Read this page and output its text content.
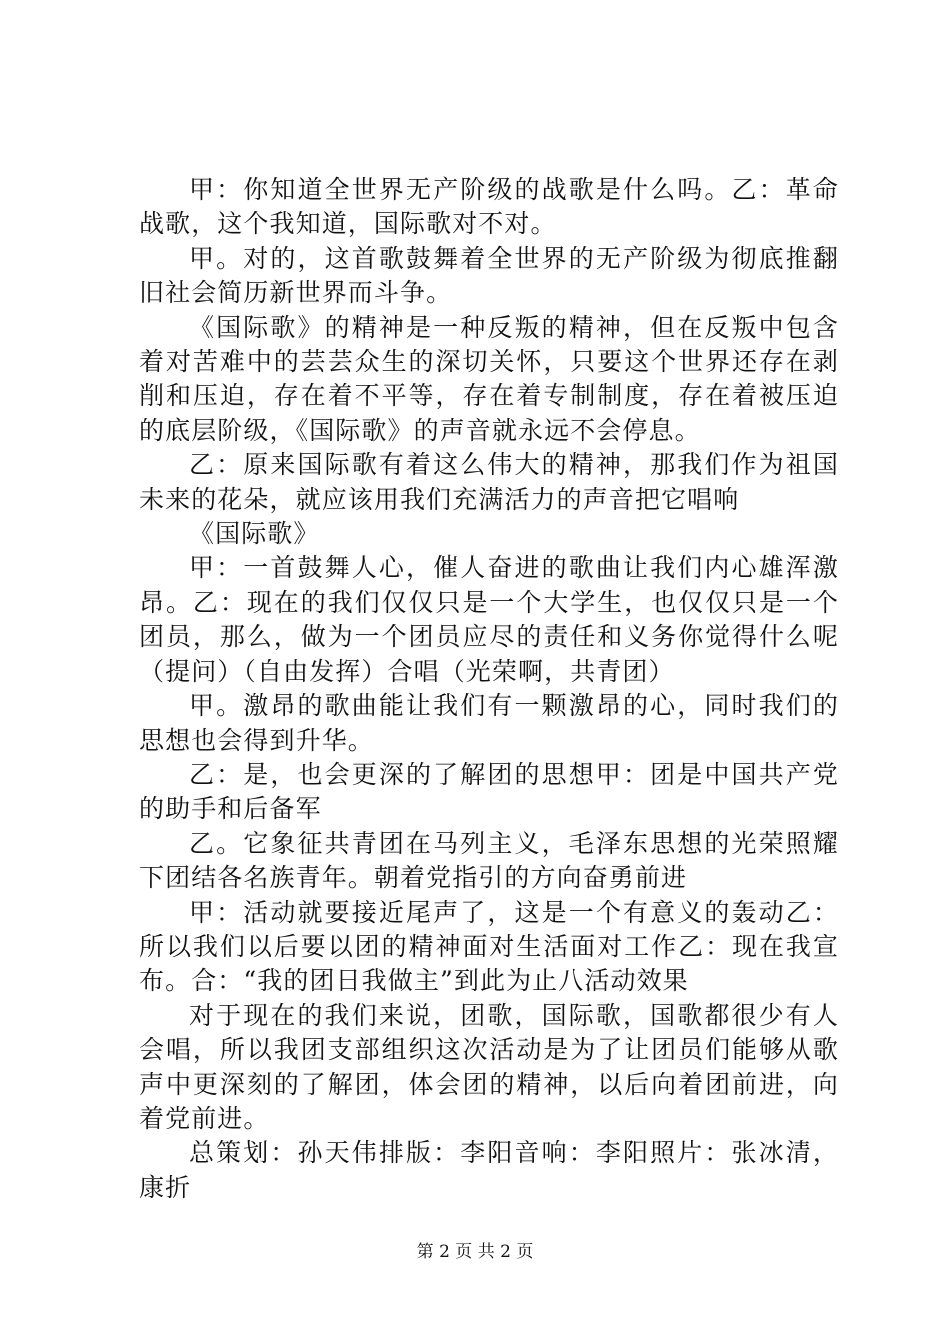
甲：你知道全世界无产阶级的战歌是什么吗。乙：革命战歌，这个我知道，国际歌对不对。

甲。对的，这首歌鼓舞着全世界的无产阶级为彻底推翻旧社会简历新世界而斗争。

《国际歌》的精神是一种反叛的精神，但在反叛中包含着对苦难中的芸芸众生的深切关怀，只要这个世界还存在剥削和压迫，存在着不平等，存在着专制制度，存在着被压迫的底层阶级，《国际歌》的声音就永远不会停息。

乙：原来国际歌有着这么伟大的精神，那我们作为祖国未来的花朵，就应该用我们充满活力的声音把它唱响

《国际歌》

甲：一首鼓舞人心，催人奋进的歌曲让我们内心雄浑激昂。乙：现在的我们仅仅只是一个大学生，也仅仅只是一个团员，那么，做为一个团员应尽的责任和义务你觉得什么呢（提问）（自由发挥）合唱（光荣啊，共青团）

甲。激昂的歌曲能让我们有一颗激昂的心，同时我们的思想也会得到升华。

乙：是，也会更深的了解团的思想甲：团是中国共产党的助手和后备军

乙。它象征共青团在马列主义，毛泽东思想的光荣照耀下团结各名族青年。朝着党指引的方向奋勇前进

甲：活动就要接近尾声了，这是一个有意义的轰动乙：所以我们以后要以团的精神面对生活面对工作乙：现在我宣布。合：“我的团日我做主”到此为止八活动效果

对于现在的我们来说，团歌，国际歌，国歌都很少有人会唱，所以我团支部组织这次活动是为了让团员们能够从歌声中更深刻的了解团，体会团的精神，以后向着团前进，向着党前进。

总策划：孙天伟排版：李阳音响：李阳照片：张冰清，康折

第 2 页 共 2 页
